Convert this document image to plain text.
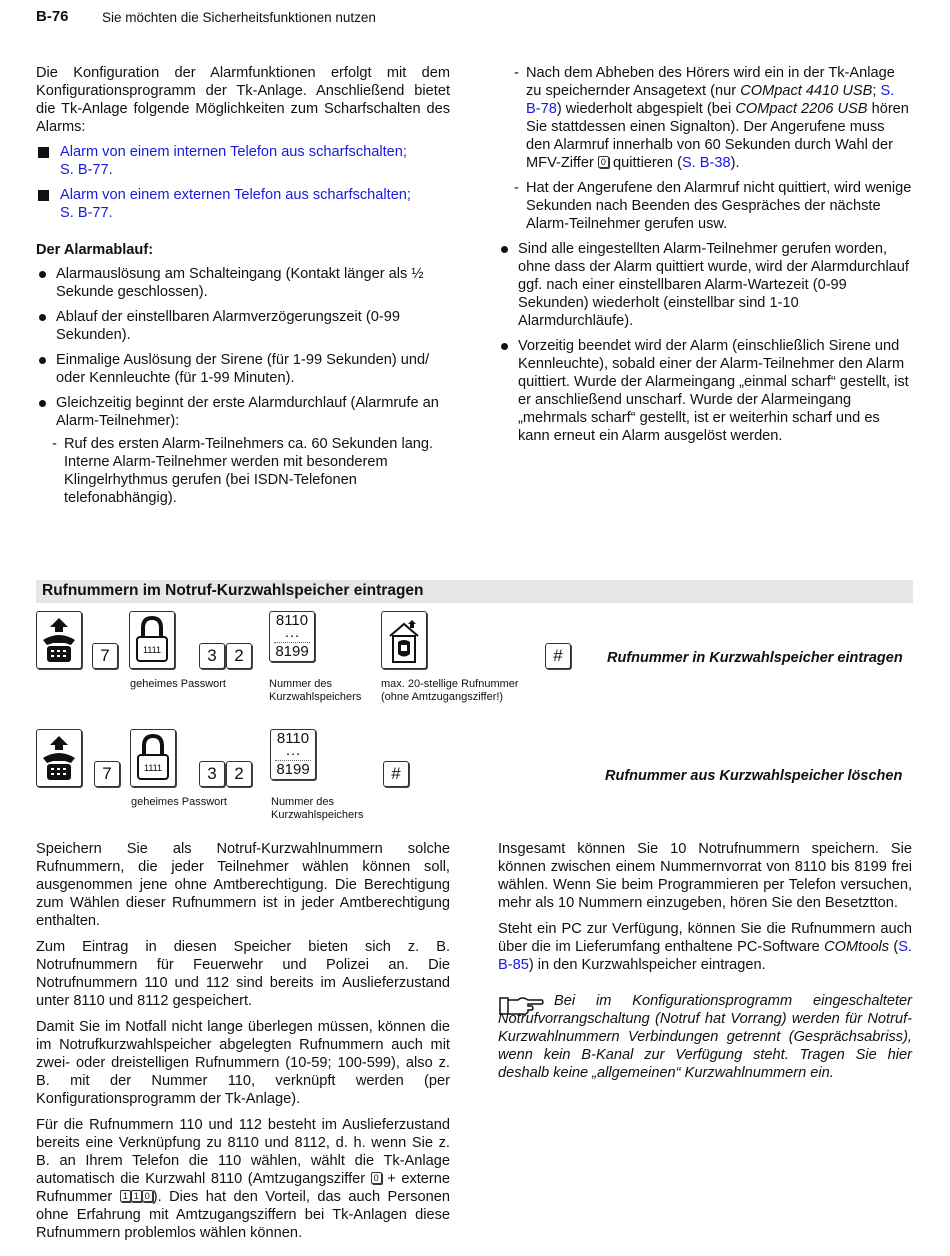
B-76 Sie möchten die Sicherheitsfunktionen nutzen

Die Konfiguration der Alarmfunktionen erfolgt mit dem Konfigurationsprogramm der Tk-Anlage. Anschließend bietet die Tk-Anlage folgende Möglichkeiten zum Scharfschalten des Alarms:

Alarm von einem internen Telefon aus scharfschalten;
S. B-77.
Alarm von einem externen Telefon aus scharfschalten;
S. B-77.

Der Alarmablauf:

Alarmauslösung am Schalteingang (Kontakt länger als ½ Sekunde geschlossen).
Ablauf der einstellbaren Alarmverzögerungszeit (0-99 Sekunden).
Einmalige Auslösung der Sirene (für 1-99 Sekunden) und/ oder Kennleuchte (für 1-99 Minuten).
Gleichzeitig beginnt der erste Alarmdurchlauf (Alarmrufe an Alarm-Teilnehmer):
- Ruf des ersten Alarm-Teilnehmers ca. 60 Sekunden lang. Interne Alarm-Teilnehmer werden mit besonderem Klingelrhythmus gerufen (bei ISDN-Telefonen telefonabhängig).
- Nach dem Abheben des Hörers wird ein in der Tk-Anlage zu speichernder Ansagetext (nur COMpact 4410 USB; S. B-78) wiederholt abgespielt (bei COMpact 2206 USB hören Sie stattdessen einen Signalton). Der Angerufene muss den Alarmruf innerhalb von 60 Sekunden durch Wahl der MFV-Ziffer 0 quittieren (S. B-38).
- Hat der Angerufene den Alarmruf nicht quittiert, wird wenige Sekunden nach Beenden des Gespräches der nächste Alarm-Teilnehmer gerufen usw.
Sind alle eingestellten Alarm-Teilnehmer gerufen worden, ohne dass der Alarm quittiert wurde, wird der Alarmdurchlauf ggf. nach einer einstellbaren Alarm-Wartezeit (0-99 Sekunden) wiederholt (einstellbar sind 1-10 Alarmdurchläufe).
Vorzeitig beendet wird der Alarm (einschließlich Sirene und Kennleuchte), sobald einer der Alarm-Teilnehmer den Alarm quittiert. Wurde der Alarmeingang „einmal scharf“ gestellt, ist er anschließend unscharf. Wurde der Alarmeingang „mehrmals scharf“ gestellt, ist er weiterhin scharf und es kann erneut ein Alarm ausgelöst werden.
Rufnummern im Notruf-Kurzwahlspeicher eintragen
7	1111	3	2
8110
···
8199	#	Rufnummer in Kurzwahlspeicher eintragen
geheimes Passwort	Nummer des Kurzwahlspeichers
max. 20-stellige Rufnummer (ohne Amtzugangsziffer!)
7	1111	3	2
8110
···
8199	#	Rufnummer aus Kurzwahlspeicher löschen
geheimes Passwort	Nummer des Kurzwahlspeichers

Speichern Sie als Notruf-Kurzwahlnummern solche Rufnummern, die jeder Teilnehmer wählen können soll, ausgenommen jene ohne Amtberechtigung. Die Berechtigung zum Wählen dieser Rufnummern ist in jeder Amtberechtigung enthalten.

Zum Eintrag in diesen Speicher bieten sich z. B. Notrufnummern für Feuerwehr und Polizei an. Die Notrufnummern 110 und 112 sind bereits im Auslieferzustand unter 8110 und 8112 gespeichert.

Damit Sie im Notfall nicht lange überlegen müssen, können die im Notrufkurzwahlspeicher abgelegten Rufnummern auch mit zwei- oder dreistelligen Rufnummern (10-59; 100-599), also z. B. mit der Nummer 110, verknüpft werden (per Konfigurationsprogramm der Tk-Anlage).

Für die Rufnummern 110 und 112 besteht im Auslieferzustand bereits eine Verknüpfung zu 8110 und 8112, d. h. wenn Sie z. B. an Ihrem Telefon die 110 wählen, wählt die Tk-Anlage automatisch die Kurzwahl 8110 (Amtzugangsziffer 0 + externe Rufnummer 1 1 0 ). Dies hat den Vorteil, das auch Personen ohne Erfahrung mit Amtzugangsziffern bei Tk-Anlagen diese Rufnummern problemlos wählen können.

Insgesamt können Sie 10 Notrufnummern speichern. Sie können zwischen einem Nummernvorrat von 8110 bis 8199 frei wählen. Wenn Sie beim Programmieren per Telefon versuchen, mehr als 10 Nummern einzugeben, hören Sie den Besetztton.

Steht ein PC zur Verfügung, können Sie die Rufnummern auch über die im Lieferumfang enthaltene PC-Software COMtools (S. B-85) in den Kurzwahlspeicher eintragen.

Bei im Konfigurationsprogramm eingeschalteter Notrufvorrangschaltung (Notruf hat Vorrang) werden für Notruf-Kurzwahlnummern Verbindungen getrennt (Gesprächsabriss), wenn kein B-Kanal zur Verfügung steht. Tragen Sie hier deshalb keine „allgemeinen“ Kurzwahlnummern ein.
